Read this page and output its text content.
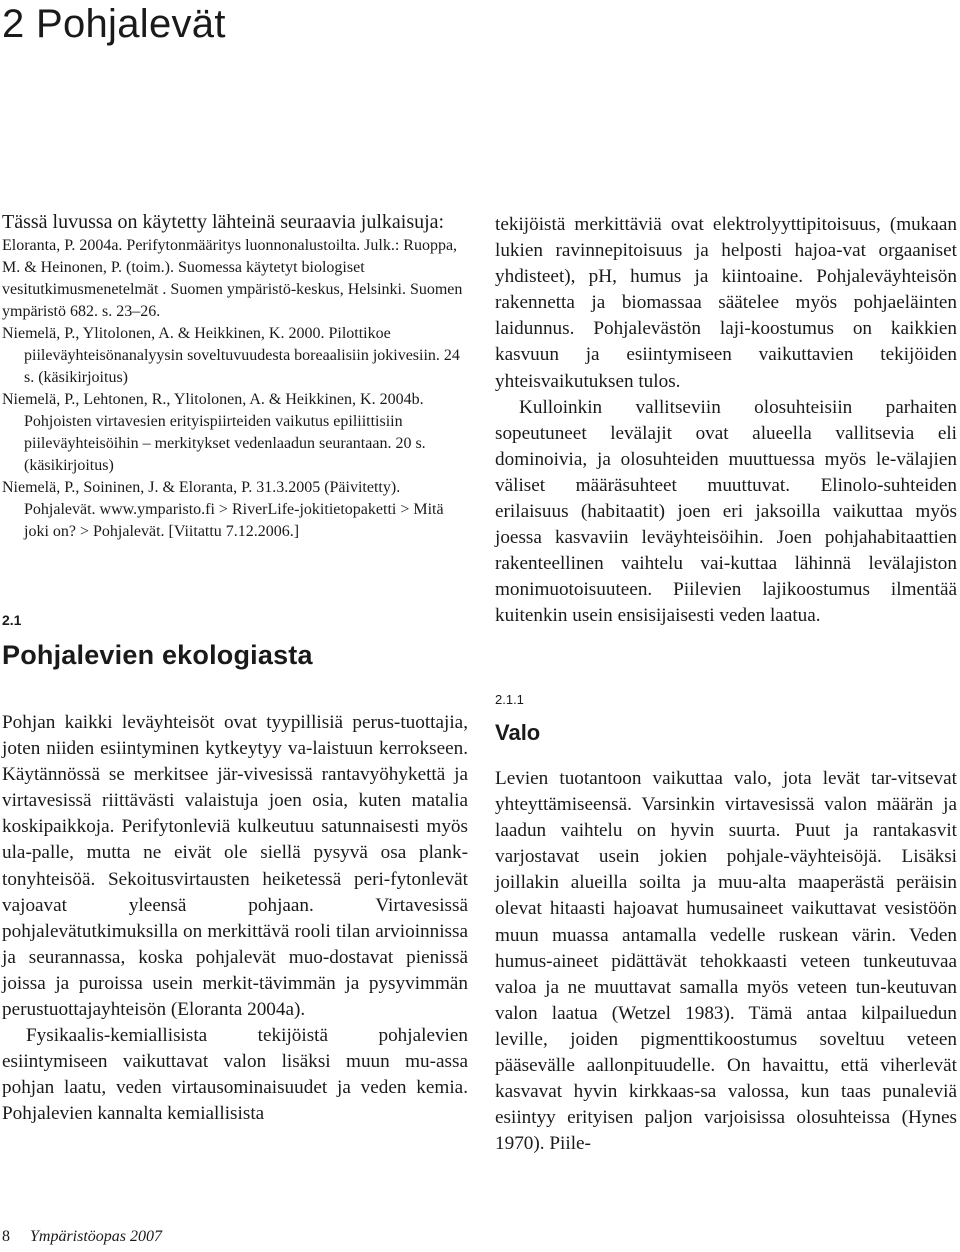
2 Pohjalevät

Tässä luvussa on käytetty lähteinä seuraavia julkaisuja:

Eloranta, P. 2004a. Perifytonmääritys luonnonalustoilta. Julk.: Ruoppa, M. & Heinonen, P. (toim.). Suomessa käytetyt biologiset vesitutkimusmenetelmät . Suomen ympäristö-keskus, Helsinki. Suomen ympäristö 682. s. 23–26.
Niemelä, P., Ylitolonen, A. & Heikkinen, K. 2000. Pilottikoe piileväyhteisönanalyysin soveltuvuudesta boreaalisiin jokivesiin. 24 s. (käsikirjoitus)
Niemelä, P., Lehtonen, R., Ylitolonen, A. & Heikkinen, K. 2004b. Pohjoisten virtavesien erityispiirteiden vaikutus epiliittisiin piileväyhteisöihin – merkitykset vedenlaadun seurantaan. 20 s. (käsikirjoitus)
Niemelä, P., Soininen, J. & Eloranta, P. 31.3.2005 (Päivitetty). Pohjalevät. www.ymparisto.fi > RiverLife-jokitietopaketti > Mitä joki on? > Pohjalevät. [Viitattu 7.12.2006.]
2.1
Pohjalevien ekologiasta

Pohjan kaikki leväyhteisöt ovat tyypillisiä perus-tuottajia, joten niiden esiintyminen kytkeytyy va-laistuun kerrokseen. Käytännössä se merkitsee jär-vivesissä rantavyöhykettä ja virtavesissä riittävästi valaistuja joen osia, kuten matalia koskipaikkoja. Perifytonleviä kulkeutuu satunnaisesti myös ula-palle, mutta ne eivät ole siellä pysyvä osa plank-tonyhteisöä. Sekoitusvirtausten heiketessä peri-fytonlevät vajoavat yleensä pohjaan. Virtavesissä pohjalevätutkimuksilla on merkittävä rooli tilan arvioinnissa ja seurannassa, koska pohjalevät muo-dostavat pienissä joissa ja puroissa usein merkit-tävimmän ja pysyvimmän perustuottajayhteisön (Eloranta 2004a).

Fysikaalis-kemiallisista tekijöistä pohjalevien esiintymiseen vaikuttavat valon lisäksi muun mu-assa pohjan laatu, veden virtausominaisuudet ja veden kemia. Pohjalevien kannalta kemiallisista

tekijöistä merkittäviä ovat elektrolyyttipitoisuus, (mukaan lukien ravinnepitoisuus ja helposti hajoa-vat orgaaniset yhdisteet), pH, humus ja kiintoaine. Pohjaleväyhteisön rakennetta ja biomassaa säätelee myös pohjaeläinten laidunnus. Pohjalevästön laji-koostumus on kaikkien kasvuun ja esiintymiseen vaikuttavien tekijöiden yhteisvaikutuksen tulos.

Kulloinkin vallitseviin olosuhteisiin parhaiten sopeutuneet levälajit ovat alueella vallitsevia eli dominoivia, ja olosuhteiden muuttuessa myös le-välajien väliset määräsuhteet muuttuvat. Elinolo-suhteiden erilaisuus (habitaatit) joen eri jaksoilla vaikuttaa myös joessa kasvaviin leväyhteisöihin. Joen pohjahabitaattien rakenteellinen vaihtelu vai-kuttaa lähinnä levälajiston monimuotoisuuteen. Piilevien lajikoostumus ilmentää kuitenkin usein ensisijaisesti veden laatua.

2.1.1
Valo

Levien tuotantoon vaikuttaa valo, jota levät tar-vitsevat yhteyttämiseensä. Varsinkin virtavesissä valon määrän ja laadun vaihtelu on hyvin suurta. Puut ja rantakasvit varjostavat usein jokien pohjale-väyhteisöjä. Lisäksi joillakin alueilla soilta ja muu-alta maaperästä peräisin olevat hitaasti hajoavat humusaineet vaikuttavat vesistöön muun muassa antamalla vedelle ruskean värin. Veden humus-aineet pidättävät tehokkaasti veteen tunkeutuvaa valoa ja ne muuttavat samalla myös veteen tun-keutuvan valon laatua (Wetzel 1983). Tämä antaa kilpailuedun leville, joiden pigmenttikoostumus soveltuu veteen pääsevälle aallonpituudelle. On havaittu, että viherlevät kasvavat hyvin kirkkaas-sa valossa, kun taas punaleviä esiintyy erityisen paljon varjoisissa olosuhteissa (Hynes 1970). Piile-

8 Ympäristöopas 2007
